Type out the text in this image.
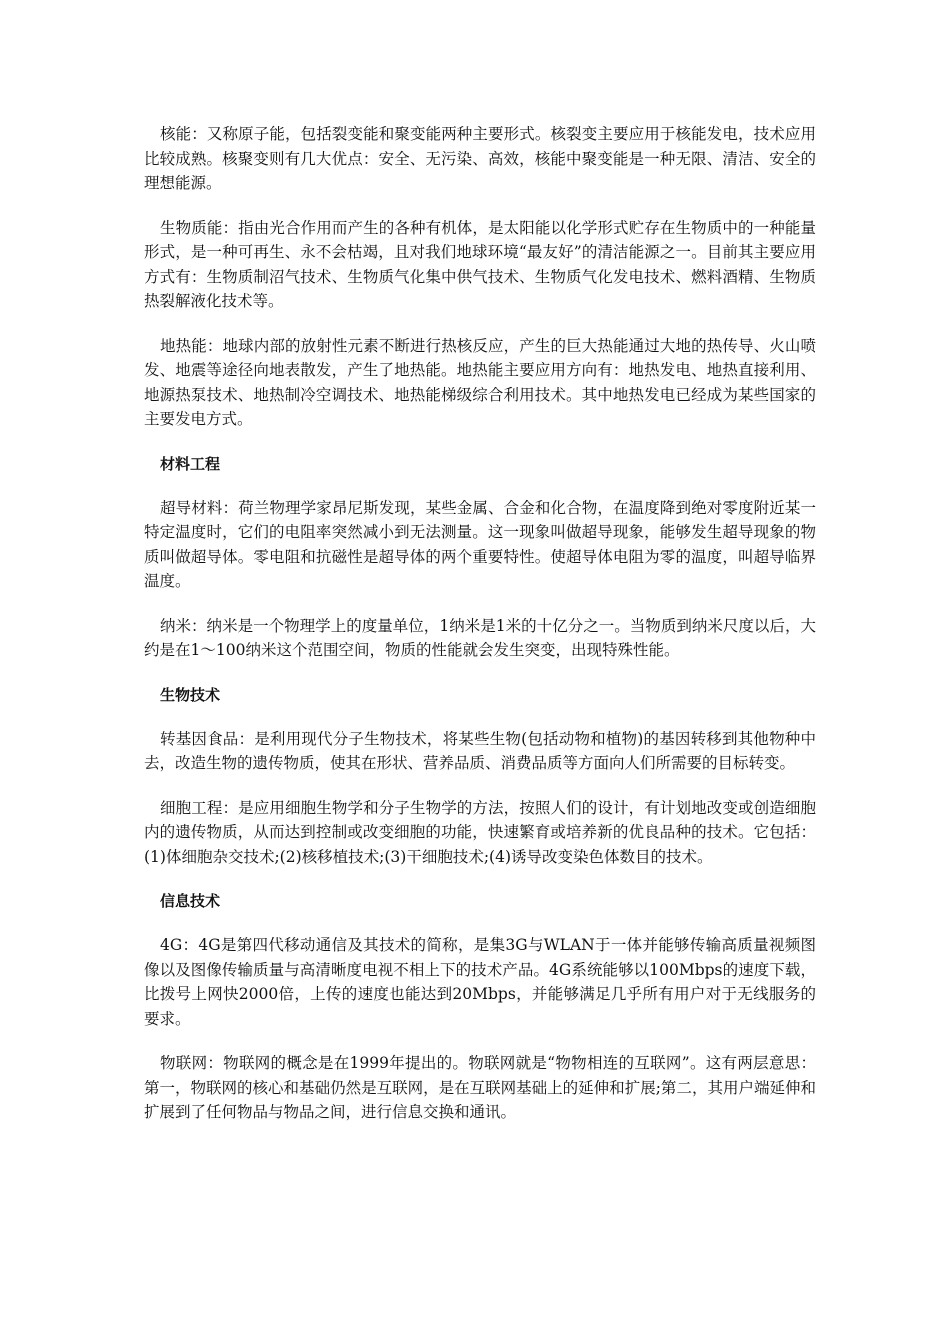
核能：又称原子能，包括裂变能和聚变能两种主要形式。核裂变主要应用于核能发电，技术应用比较成熟。核聚变则有几大优点：安全、无污染、高效，核能中聚变能是一种无限、清洁、安全的理想能源。

生物质能：指由光合作用而产生的各种有机体，是太阳能以化学形式贮存在生物质中的一种能量形式，是一种可再生、永不会枯竭，且对我们地球环境“最友好”的清洁能源之一。目前其主要应用方式有：生物质制沼气技术、生物质气化集中供气技术、生物质气化发电技术、燃料酒精、生物质热裂解液化技术等。

地热能：地球内部的放射性元素不断进行热核反应，产生的巨大热能通过大地的热传导、火山喷发、地震等途径向地表散发，产生了地热能。地热能主要应用方向有：地热发电、地热直接利用、地源热泵技术、地热制冷空调技术、地热能梯级综合利用技术。其中地热发电已经成为某些国家的主要发电方式。

材料工程

超导材料：荷兰物理学家昂尼斯发现，某些金属、合金和化合物，在温度降到绝对零度附近某一特定温度时，它们的电阻率突然减小到无法测量。这一现象叫做超导现象，能够发生超导现象的物质叫做超导体。零电阻和抗磁性是超导体的两个重要特性。使超导体电阻为零的温度，叫超导临界温度。

纳米：纳米是一个物理学上的度量单位，1纳米是1米的十亿分之一。当物质到纳米尺度以后，大约是在1～100纳米这个范围空间，物质的性能就会发生突变，出现特殊性能。

生物技术

转基因食品：是利用现代分子生物技术，将某些生物(包括动物和植物)的基因转移到其他物种中去，改造生物的遗传物质，使其在形状、营养品质、消费品质等方面向人们所需要的目标转变。

细胞工程：是应用细胞生物学和分子生物学的方法，按照人们的设计，有计划地改变或创造细胞内的遗传物质，从而达到控制或改变细胞的功能，快速繁育或培养新的优良品种的技术。它包括：(1)体细胞杂交技术;(2)核移植技术;(3)干细胞技术;(4)诱导改变染色体数目的技术。

信息技术

4G：4G是第四代移动通信及其技术的简称，是集3G与WLAN于一体并能够传输高质量视频图像以及图像传输质量与高清晰度电视不相上下的技术产品。4G系统能够以100Mbps的速度下载，比拨号上网快2000倍，上传的速度也能达到20Mbps，并能够满足几乎所有用户对于无线服务的要求。

物联网：物联网的概念是在1999年提出的。物联网就是“物物相连的互联网”。这有两层意思：第一，物联网的核心和基础仍然是互联网，是在互联网基础上的延伸和扩展;第二，其用户端延伸和扩展到了任何物品与物品之间，进行信息交换和通讯。
